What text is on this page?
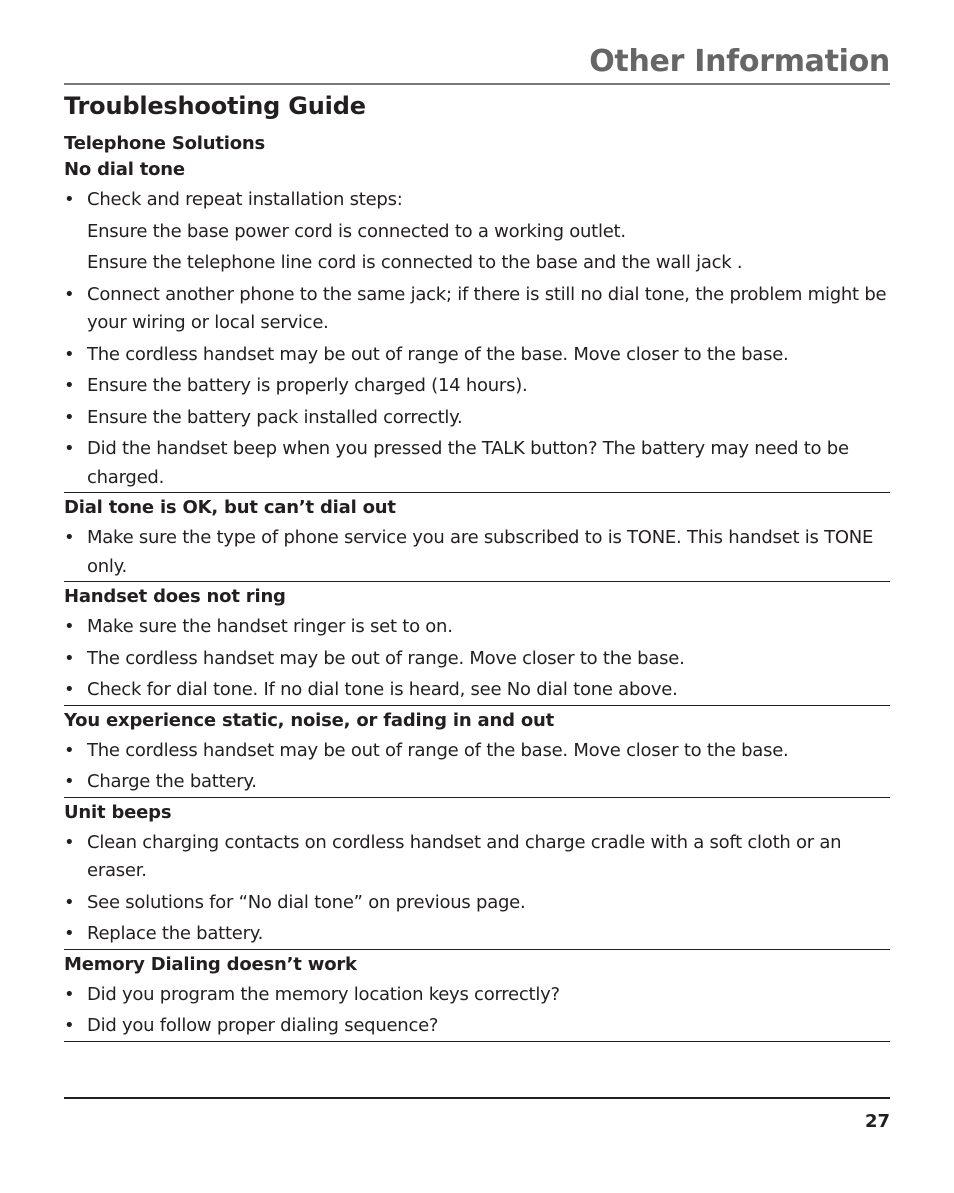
Other Information
Troubleshooting Guide
Telephone Solutions
No dial tone
• Check and repeat installation steps:
Ensure the base power cord is connected to a working outlet.
Ensure the telephone line cord is connected to the base and the wall jack .
• Connect another phone to the same jack; if there is still no dial tone, the problem might be your wiring or local service.
• The cordless handset may be out of range of the base. Move closer to the base.
• Ensure the battery is properly charged (14 hours).
• Ensure the battery pack installed correctly.
• Did the handset beep when you pressed the TALK button? The battery may need to be charged.
Dial tone is OK, but can’t dial out
• Make sure the type of phone service you are subscribed to is TONE. This handset is TONE only.
Handset does not ring
• Make sure the handset ringer is set to on.
• The cordless handset may be out of range. Move closer to the base.
• Check for dial tone. If no dial tone is heard, see No dial tone above.
You experience static, noise, or fading in and out
• The cordless handset may be out of range of the base. Move closer to the base.
• Charge the battery.
Unit beeps
• Clean charging contacts on cordless handset and charge cradle with a soft cloth or an eraser.
• See solutions for “No dial tone” on previous page.
• Replace the battery.
Memory Dialing doesn’t work
• Did you program the memory location keys correctly?
• Did you follow proper dialing sequence?
27
